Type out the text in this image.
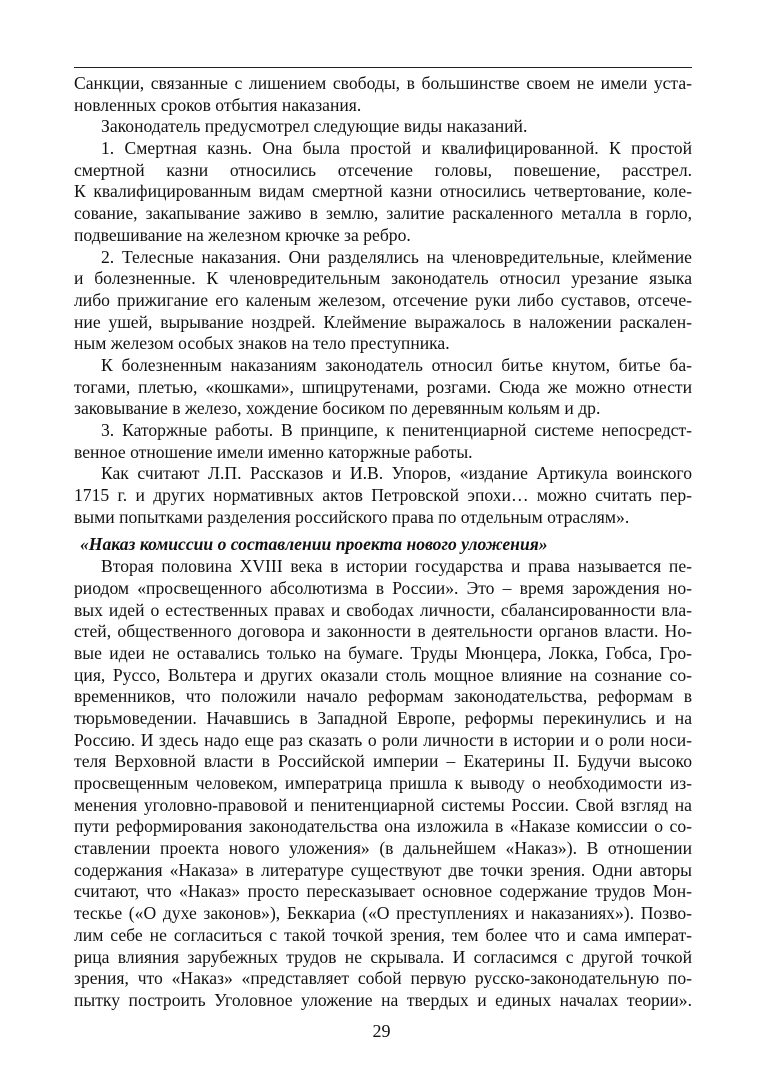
Санкции, связанные с лишением свободы, в большинстве своем не имели уста-
новленных сроков отбытия наказания.
Законодатель предусмотрел следующие виды наказаний.
1. Смертная казнь. Она была простой и квалифицированной. К простой
смертной казни относились отсечение головы, повешение, расстрел.
К квалифицированным видам смертной казни относились четвертование, коле-
сование, закапывание заживо в землю, залитие раскаленного металла в горло,
подвешивание на железном крючке за ребро.
2. Телесные наказания. Они разделялись на членовредительные, клеймение
и болезненные. К членовредительным законодатель относил урезание языка
либо прижигание его каленым железом, отсечение руки либо суставов, отсече-
ние ушей, вырывание ноздрей. Клеймение выражалось в наложении раскален-
ным железом особых знаков на тело преступника.
К болезненным наказаниям законодатель относил битье кнутом, битье ба-
тогами, плетью, «кошками», шпицрутенами, розгами. Сюда же можно отнести
заковывание в железо, хождение босиком по деревянным кольям и др.
3. Каторжные работы. В принципе, к пенитенциарной системе непосредст-
венное отношение имели именно каторжные работы.
Как считают Л.П. Рассказов и И.В. Упоров, «издание Артикула воинского
1715 г. и других нормативных актов Петровской эпохи… можно считать пер-
выми попытками разделения российского права по отдельным отраслям».
«Наказ комиссии о составлении проекта нового уложения»
Вторая половина XVIII века в истории государства и права называется пе-
риодом «просвещенного абсолютизма в России». Это – время зарождения но-
вых идей о естественных правах и свободах личности, сбалансированности вла-
стей, общественного договора и законности в деятельности органов власти. Но-
вые идеи не оставались только на бумаге. Труды Мюнцера, Локка, Гобса, Гро-
ция, Руссо, Вольтера и других оказали столь мощное влияние на сознание со-
временников, что положили начало реформам законодательства, реформам в
тюрьмоведении. Начавшись в Западной Европе, реформы перекинулись и на
Россию. И здесь надо еще раз сказать о роли личности в истории и о роли носи-
теля Верховной власти в Российской империи – Екатерины II. Будучи высоко
просвещенным человеком, императрица пришла к выводу о необходимости из-
менения уголовно-правовой и пенитенциарной системы России. Свой взгляд на
пути реформирования законодательства она изложила в «Наказе комиссии о со-
ставлении проекта нового уложения» (в дальнейшем «Наказ»). В отношении
содержания «Наказа» в литературе существуют две точки зрения. Одни авторы
считают, что «Наказ» просто пересказывает основное содержание трудов Мон-
тескье («О духе законов»), Беккариа («О преступлениях и наказаниях»). Позво-
лим себе не согласиться с такой точкой зрения, тем более что и сама императ-
рица влияния зарубежных трудов не скрывала. И согласимся с другой точкой
зрения, что «Наказ» «представляет собой первую русско-законодательную по-
пытку построить Уголовное уложение на твердых и единых началах теории».
29
